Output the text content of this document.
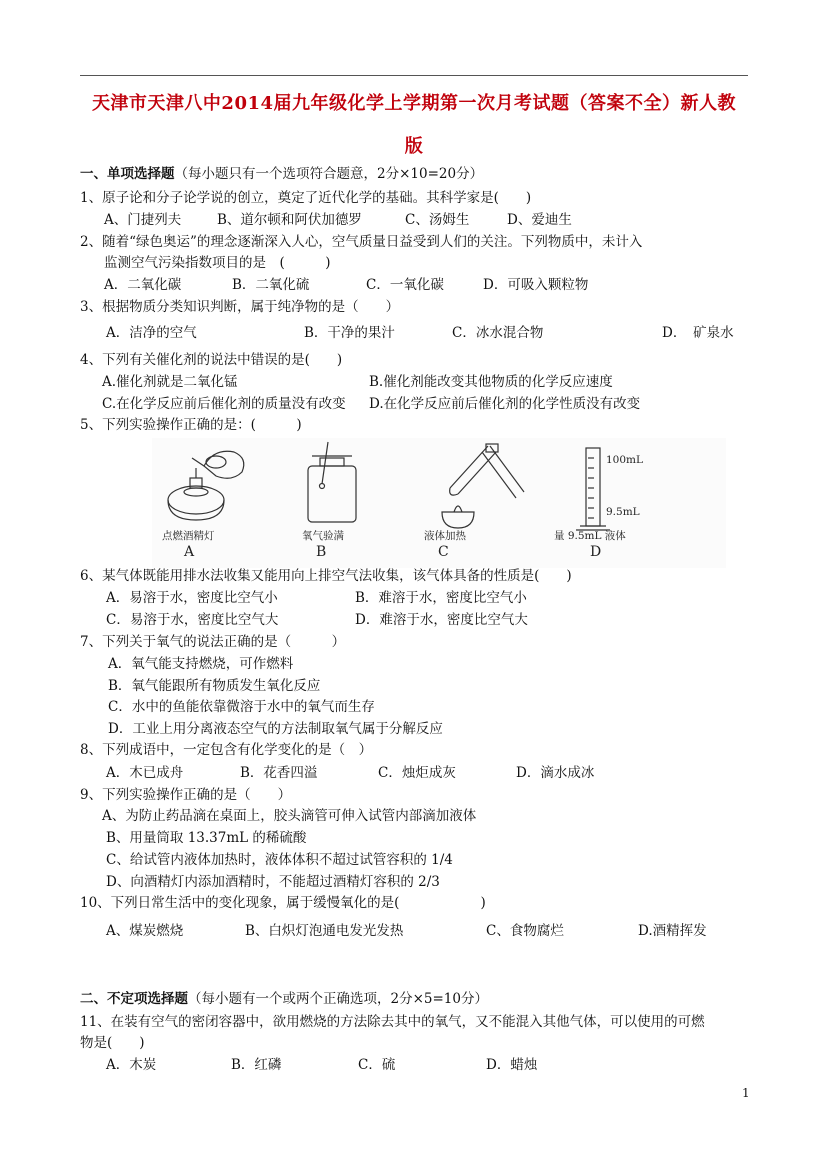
天津市天津八中2014届九年级化学上学期第一次月考试题（答案不全）新人教
版
一、单项选择题（每小题只有一个选项符合题意，2分×10=20分）
1、原子论和分子论学说的创立，奠定了近代化学的基础。其科学家是(　　)
A、门捷列夫	B、道尔顿和阿伏加德罗	C、汤姆生	D、爱迪生
2、随着“绿色奥运”的理念逐渐深入人心，空气质量日益受到人们的关注。下列物质中，未计入
监测空气污染指数项目的是　(　　　)
A．二氧化碳	B．二氧化硫	C．一氧化碳	D．可吸入颗粒物
3、根据物质分类知识判断，属于纯净物的是（　　）
A．洁净的空气	B．干净的果汁	C．冰水混合物	D．　矿泉水
4、下列有关催化剂的说法中错误的是(　　)
A.催化剂就是二氧化锰	B.催化剂能改变其他物质的化学反应速度
C.在化学反应前后催化剂的质量没有改变 D.在化学反应前后催化剂的化学性质没有改变
5、下列实验操作正确的是：(　　　)
100mL
9.5mL
点燃酒精灯
A
氧气验满
B
液体加热
C
量 9.5mL 液体
D
6、某气体既能用排水法收集又能用向上排空气法收集，该气体具备的性质是(　　)
A．易溶于水，密度比空气小	B．难溶于水，密度比空气小
C．易溶于水，密度比空气大	D．难溶于水，密度比空气大
7、下列关于氧气的说法正确的是（　　　）
A．氧气能支持燃烧，可作燃料
B．氧气能跟所有物质发生氧化反应
C．水中的鱼能依靠微溶于水中的氧气而生存
D．工业上用分离液态空气的方法制取氧气属于分解反应
8、下列成语中，一定包含有化学变化的是（　）
A．木已成舟	B．花香四溢	C．烛炬成灰	D．滴水成冰
9、下列实验操作正确的是（　　）
A、为防止药品滴在桌面上，胶头滴管可伸入试管内部滴加液体
B、用量筒取 13.37mL 的稀硫酸
C、给试管内液体加热时，液体体积不超过试管容积的 1/4
D、向酒精灯内添加酒精时，不能超过酒精灯容积的 2/3
10、下列日常生活中的变化现象，属于缓慢氧化的是(　　　　　　)
A、煤炭燃烧	B、白炽灯泡通电发光发热	C、食物腐烂	D.酒精挥发
二、不定项选择题（每小题有一个或两个正确选项，2分×5=10分）
11、在装有空气的密闭容器中，欲用燃烧的方法除去其中的氧气，又不能混入其他气体，可以使用的可燃
物是(　　)
A．木炭	B．红磷	C．硫	D．蜡烛
1
